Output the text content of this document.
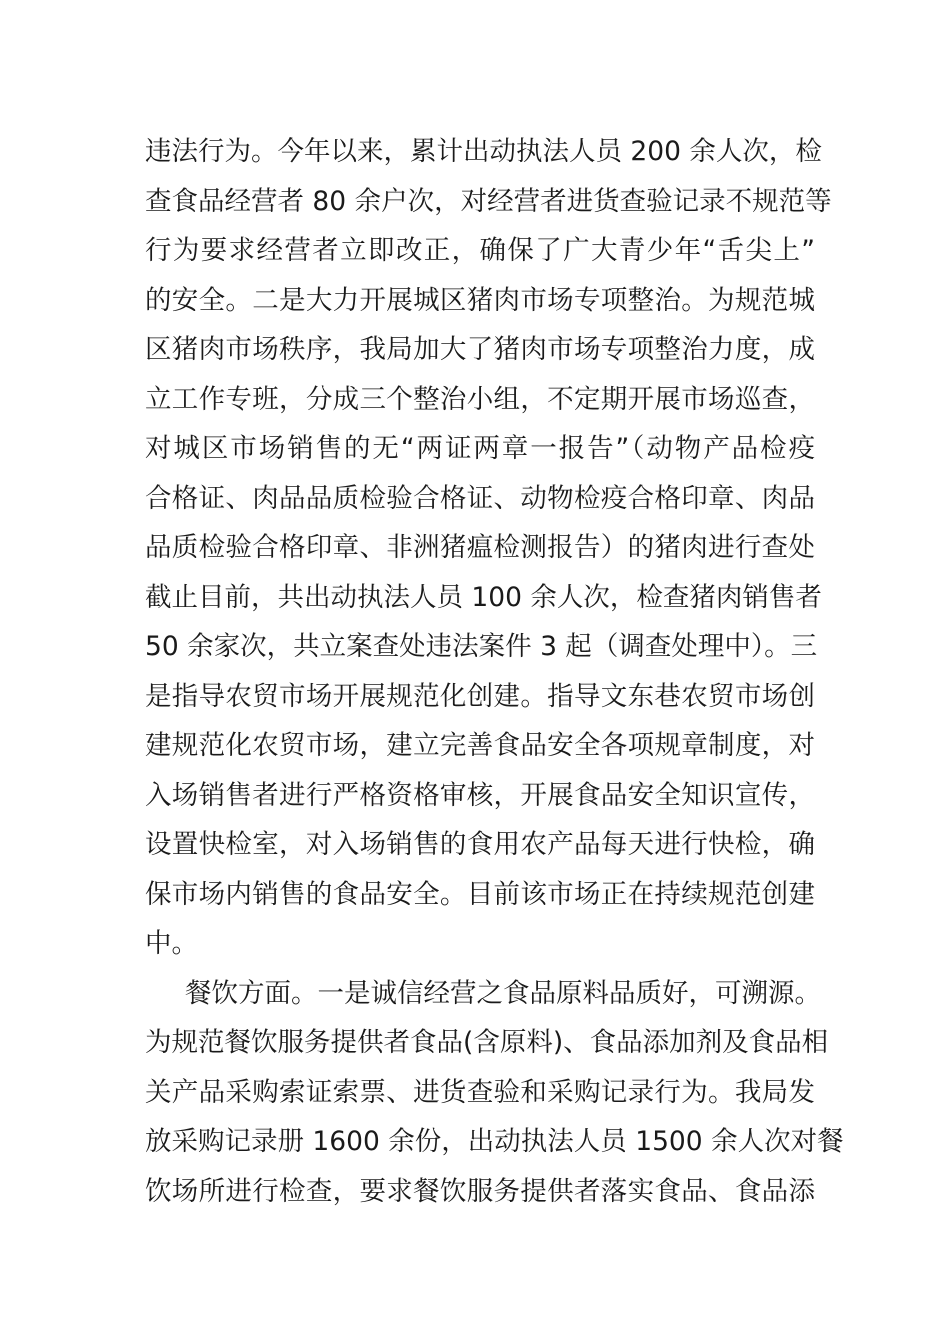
违法行为。今年以来，累计出动执法人员 200 余人次，检
查食品经营者 80 余户次，对经营者进货查验记录不规范等
行为要求经营者立即改正，确保了广大青少年“舌尖上”
的安全。二是大力开展城区猪肉市场专项整治。为规范城
区猪肉市场秩序，我局加大了猪肉市场专项整治力度，成
立工作专班，分成三个整治小组，不定期开展市场巡查，
对城区市场销售的无“两证两章一报告”（动物产品检疫
合格证、肉品品质检验合格证、动物检疫合格印章、肉品
品质检验合格印章、非洲猪瘟检测报告）的猪肉进行查处
截止目前，共出动执法人员 100 余人次，检查猪肉销售者
50 余家次，共立案查处违法案件 3 起（调查处理中）。三
是指导农贸市场开展规范化创建。指导文东巷农贸市场创
建规范化农贸市场，建立完善食品安全各项规章制度，对
入场销售者进行严格资格审核，开展食品安全知识宣传，
设置快检室，对入场销售的食用农产品每天进行快检，确
保市场内销售的食品安全。目前该市场正在持续规范创建
中。
餐饮方面。一是诚信经营之食品原料品质好，可溯源。
为规范餐饮服务提供者食品(含原料)、食品添加剂及食品相
关产品采购索证索票、进货查验和采购记录行为。我局发
放采购记录册 1600 余份，出动执法人员 1500 余人次对餐
饮场所进行检查，要求餐饮服务提供者落实食品、食品添
